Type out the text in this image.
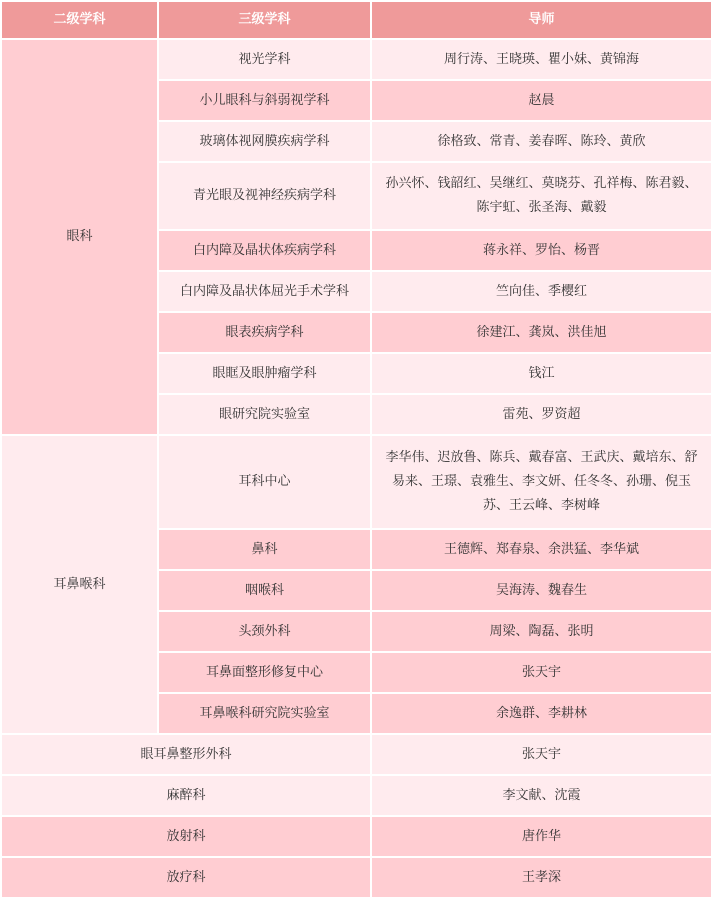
二级学科	三级学科	导师
眼科	视光学科	周行涛、王晓瑛、瞿小妹、黄锦海
	小儿眼科与斜弱视学科	赵晨
	玻璃体视网膜疾病学科	徐格致、常青、姜春晖、陈玲、黄欣
	青光眼及视神经疾病学科	孙兴怀、钱韶红、吴继红、莫晓芬、孔祥梅、陈君毅、陈宇虹、张圣海、戴毅
	白内障及晶状体疾病学科	蒋永祥、罗怡、杨晋
	白内障及晶状体屈光手术学科	竺向佳、季樱红
	眼表疾病学科	徐建江、龚岚、洪佳旭
	眼眶及眼肿瘤学科	钱江
	眼研究院实验室	雷苑、罗资超
耳鼻喉科	耳科中心	李华伟、迟放鲁、陈兵、戴春富、王武庆、戴培东、舒易来、王璟、袁雅生、李文妍、任冬冬、孙珊、倪玉苏、王云峰、李树峰
	鼻科	王德辉、郑春泉、余洪猛、李华斌
	咽喉科	吴海涛、魏春生
	头颈外科	周梁、陶磊、张明
	耳鼻面整形修复中心	张天宇
	耳鼻喉科研究院实验室	余逸群、李耕林
眼耳鼻整形外科		张天宇
麻醉科		李文献、沈霞
放射科		唐作华
放疗科		王孝深
